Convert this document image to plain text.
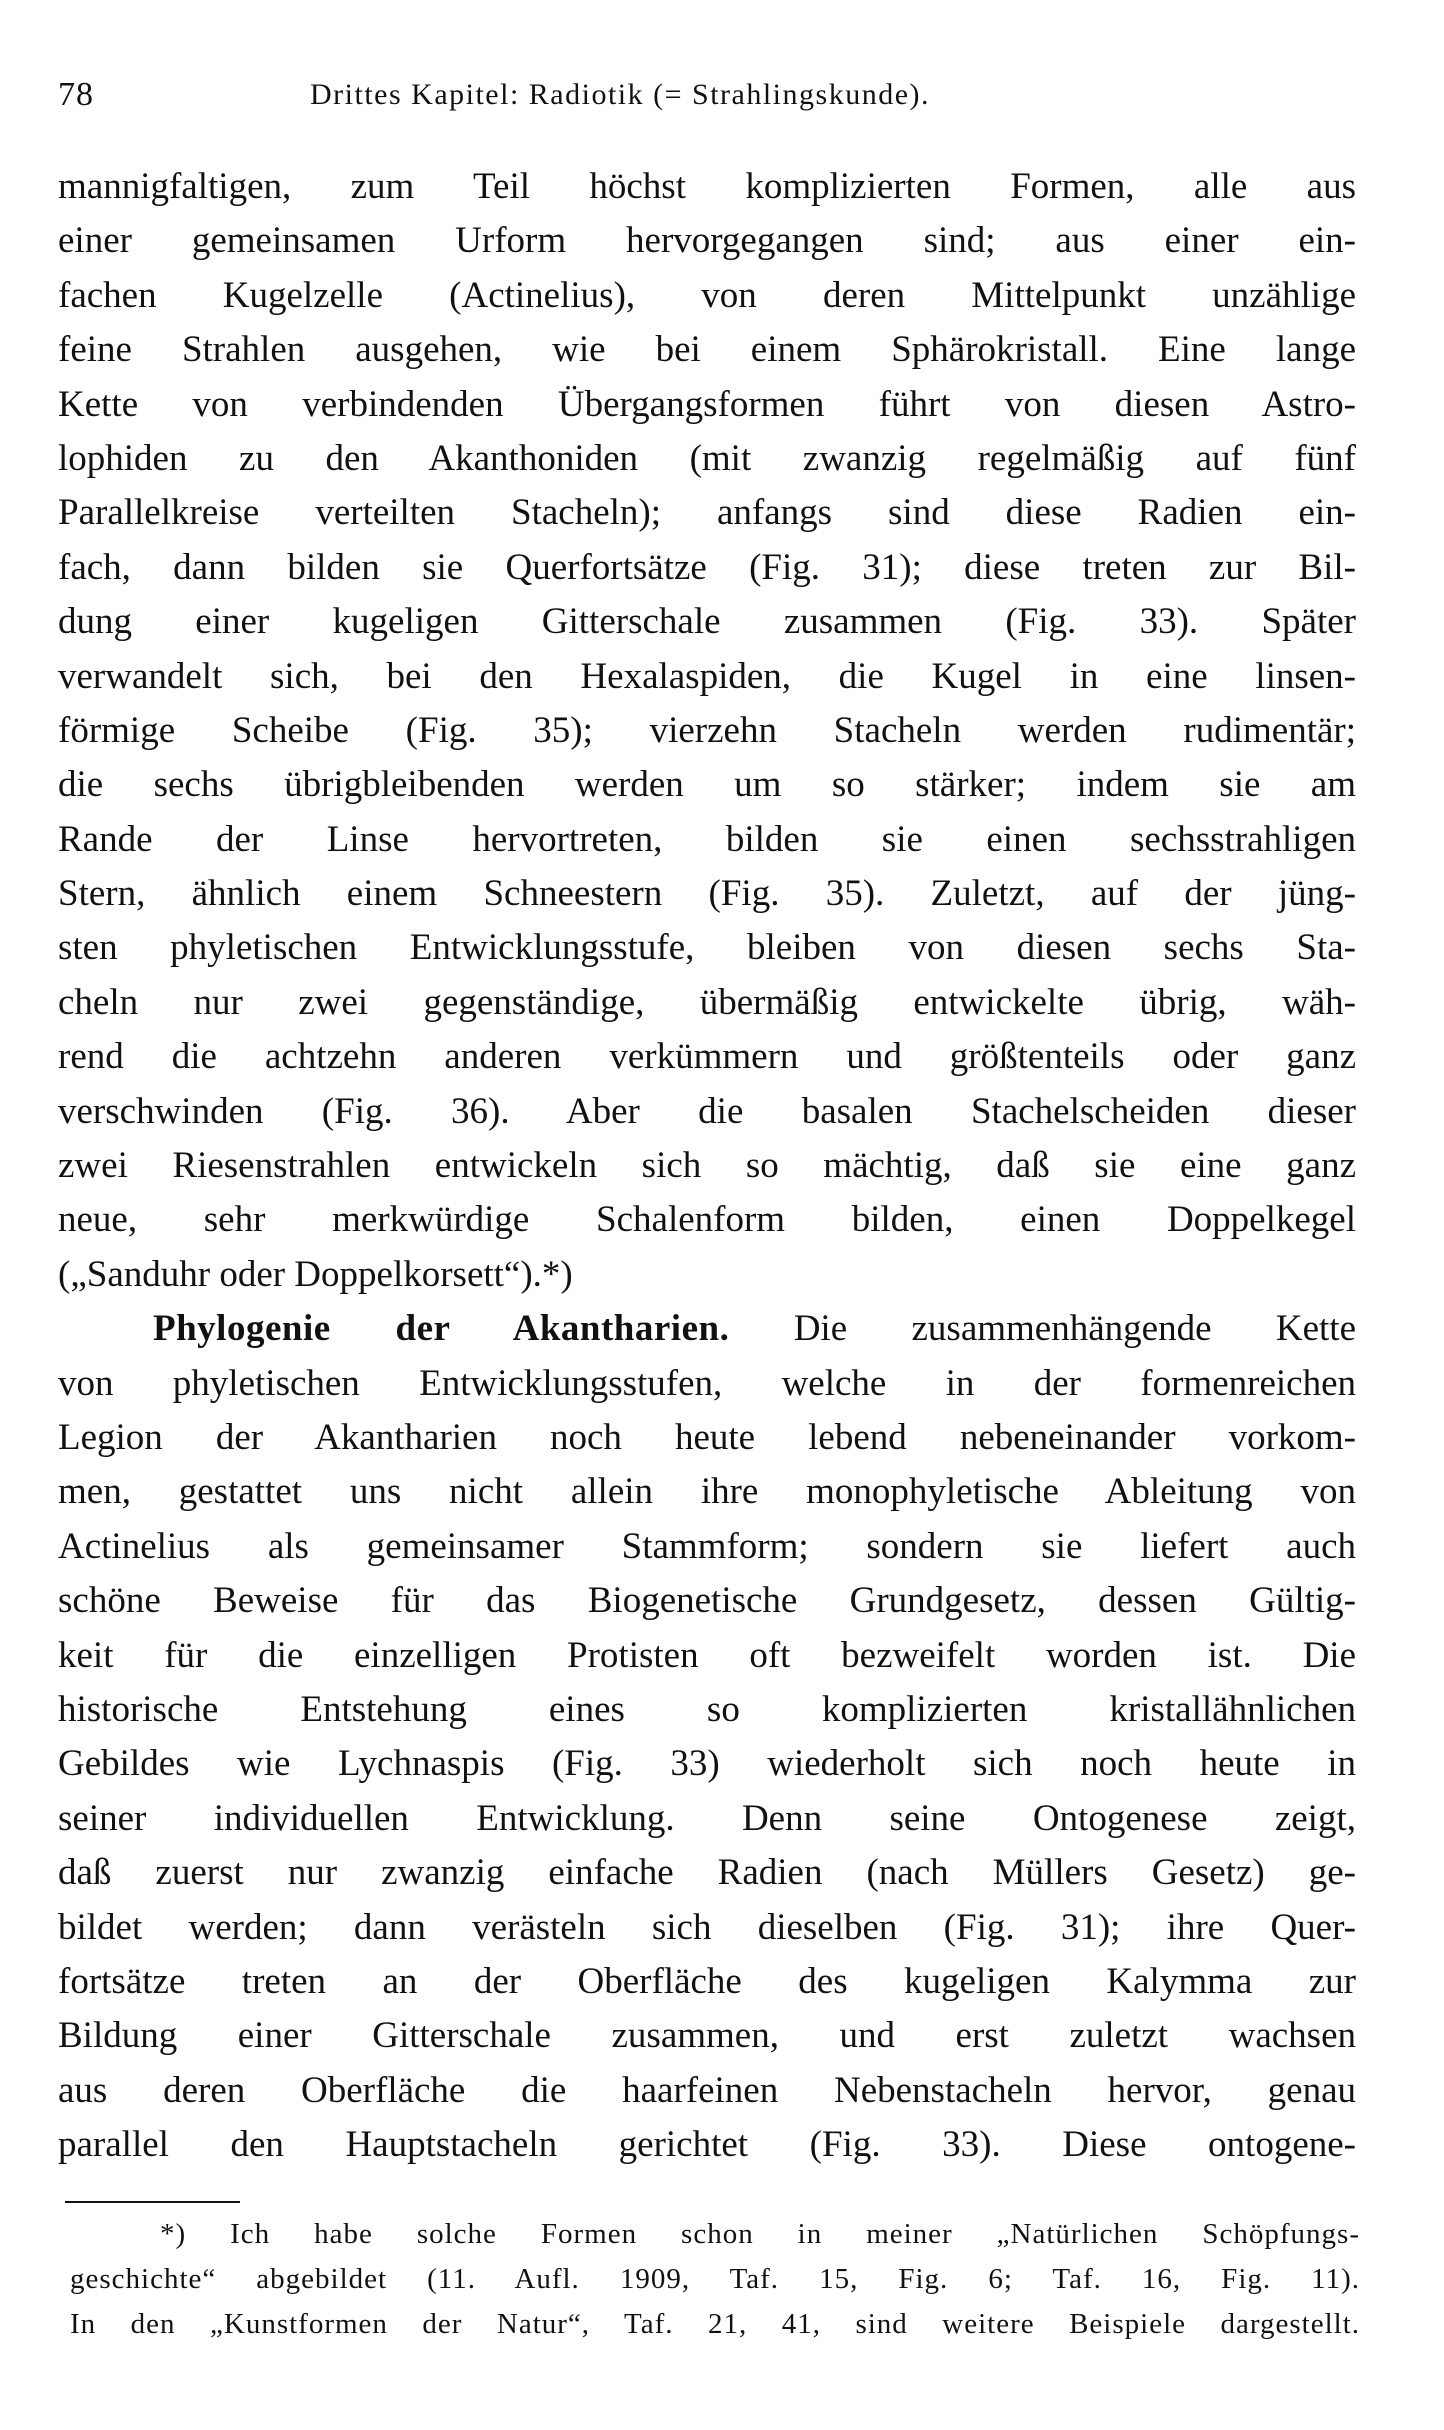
78	Drittes Kapitel: Radiotik (= Strahlingskunde).
mannigfaltigen, zum Teil höchst komplizierten Formen, alle aus
einer gemeinsamen Urform hervorgegangen sind; aus einer ein-
fachen Kugelzelle (Actinelius), von deren Mittelpunkt unzählige
feine Strahlen ausgehen, wie bei einem Sphärokristall. Eine lange
Kette von verbindenden Übergangsformen führt von diesen Astro-
lophiden zu den Akanthoniden (mit zwanzig regelmäßig auf fünf
Parallelkreise verteilten Stacheln); anfangs sind diese Radien ein-
fach, dann bilden sie Querfortsätze (Fig. 31); diese treten zur Bil-
dung einer kugeligen Gitterschale zusammen (Fig. 33). Später
verwandelt sich, bei den Hexalaspiden, die Kugel in eine linsen-
förmige Scheibe (Fig. 35); vierzehn Stacheln werden rudimentär;
die sechs übrigbleibenden werden um so stärker; indem sie am
Rande der Linse hervortreten, bilden sie einen sechsstrahligen
Stern, ähnlich einem Schneestern (Fig. 35). Zuletzt, auf der jüng-
sten phyletischen Entwicklungsstufe, bleiben von diesen sechs Sta-
cheln nur zwei gegenständige, übermäßig entwickelte übrig, wäh-
rend die achtzehn anderen verkümmern und größtenteils oder ganz
verschwinden (Fig. 36). Aber die basalen Stachelscheiden dieser
zwei Riesenstrahlen entwickeln sich so mächtig, daß sie eine ganz
neue, sehr merkwürdige Schalenform bilden, einen Doppelkegel
(„Sanduhr oder Doppelkorsett“).*)
Phylogenie der Akantharien. Die zusammenhängende Kette
von phyletischen Entwicklungsstufen, welche in der formenreichen
Legion der Akantharien noch heute lebend nebeneinander vorkom-
men, gestattet uns nicht allein ihre monophyletische Ableitung von
Actinelius als gemeinsamer Stammform; sondern sie liefert auch
schöne Beweise für das Biogenetische Grundgesetz, dessen Gültig-
keit für die einzelligen Protisten oft bezweifelt worden ist. Die
historische Entstehung eines so komplizierten kristallähnlichen
Gebildes wie Lychnaspis (Fig. 33) wiederholt sich noch heute in
seiner individuellen Entwicklung. Denn seine Ontogenese zeigt,
daß zuerst nur zwanzig einfache Radien (nach Müllers Gesetz) ge-
bildet werden; dann verästeln sich dieselben (Fig. 31); ihre Quer-
fortsätze treten an der Oberfläche des kugeligen Kalymma zur
Bildung einer Gitterschale zusammen, und erst zuletzt wachsen
aus deren Oberfläche die haarfeinen Nebenstacheln hervor, genau
parallel den Hauptstacheln gerichtet (Fig. 33). Diese ontogene-
*) Ich habe solche Formen schon in meiner „Natürlichen Schöpfungs-
geschichte“ abgebildet (11. Aufl. 1909, Taf. 15, Fig. 6; Taf. 16, Fig. 11).
In den „Kunstformen der Natur“, Taf. 21, 41, sind weitere Beispiele dargestellt.
